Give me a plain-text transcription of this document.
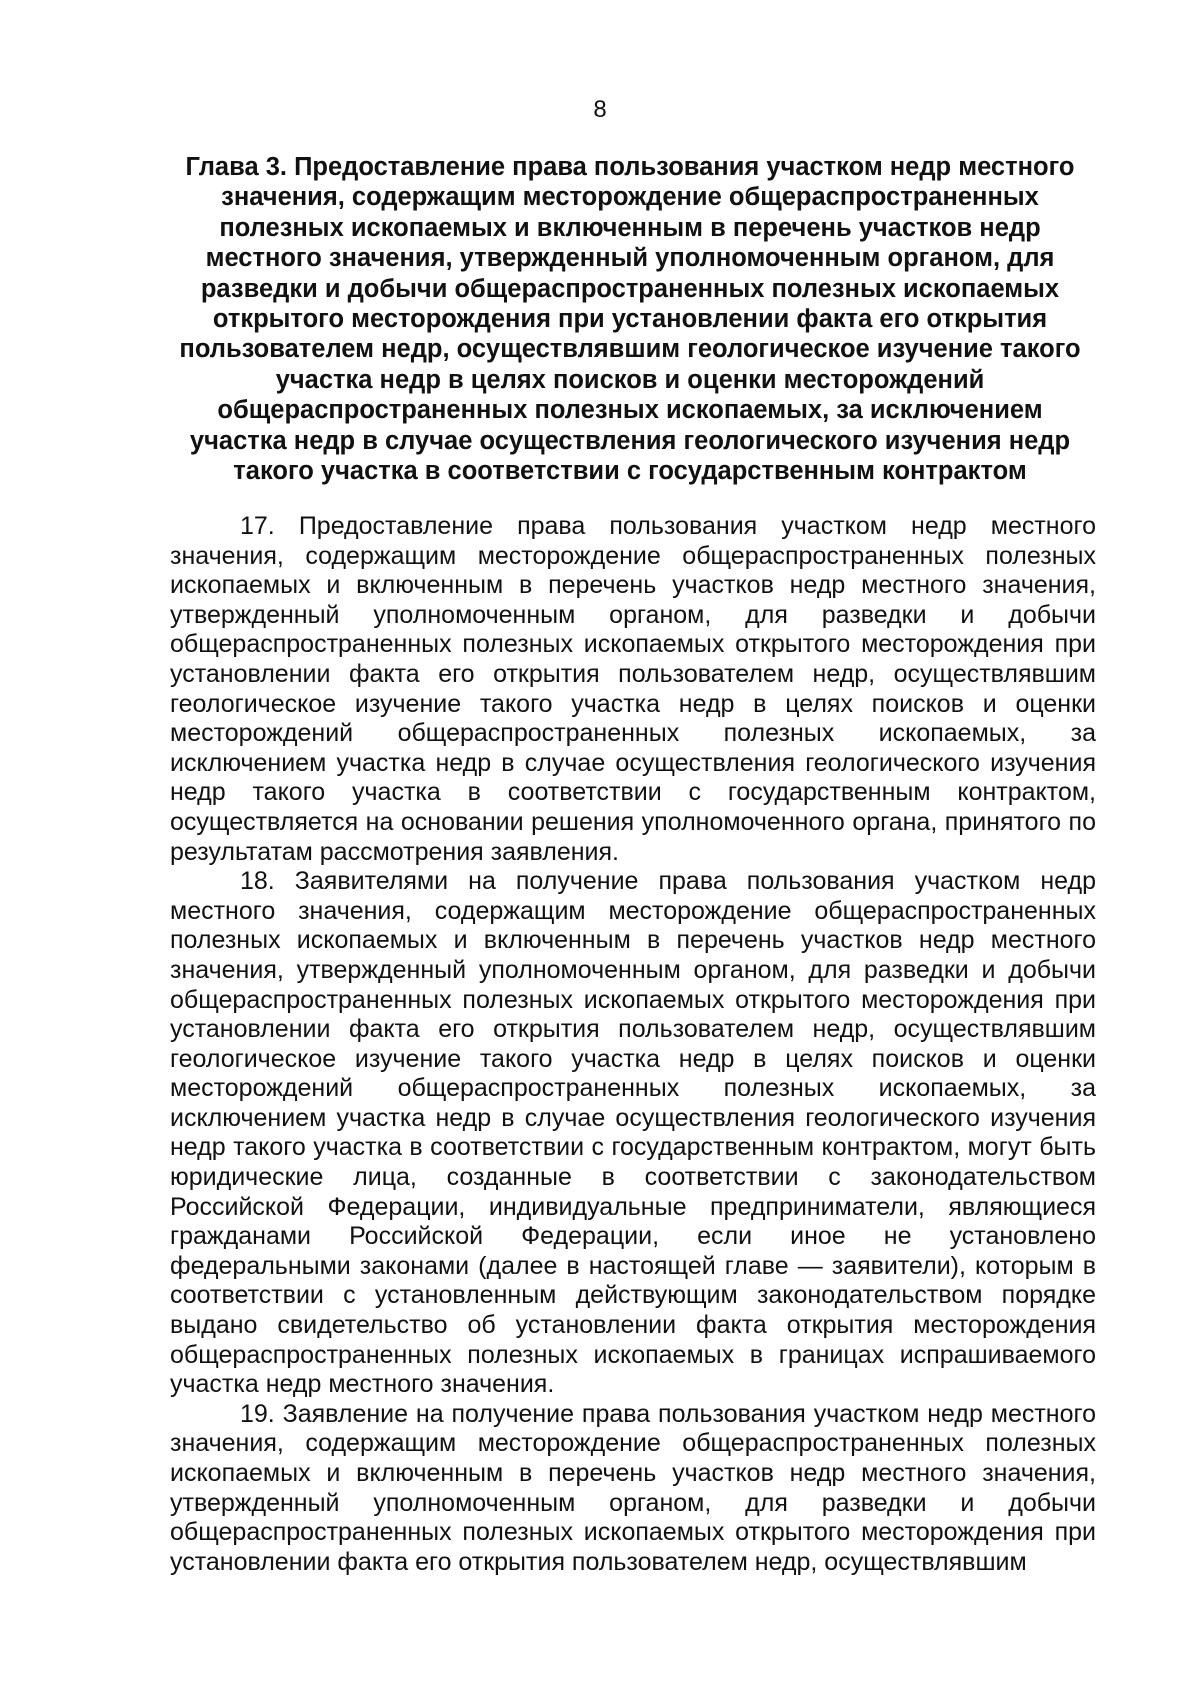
8
Глава 3. Предоставление права пользования участком недр местного значения, содержащим месторождение общераспространенных полезных ископаемых и включенным в перечень участков недр местного значения, утвержденный уполномоченным органом, для разведки и добычи общераспространенных полезных ископаемых открытого месторождения при установлении факта его открытия пользователем недр, осуществлявшим геологическое изучение такого участка недр в целях поисков и оценки месторождений общераспространенных полезных ископаемых, за исключением участка недр в случае осуществления геологического изучения недр такого участка в соответствии с государственным контрактом

17. Предоставление права пользования участком недр местного значения, содержащим месторождение общераспространенных полезных ископаемых и включенным в перечень участков недр местного значения, утвержденный уполномоченным органом, для разведки и добычи общераспространенных полезных ископаемых открытого месторождения при установлении факта его открытия пользователем недр, осуществлявшим геологическое изучение такого участка недр в целях поисков и оценки месторождений общераспространенных полезных ископаемых, за исключением участка недр в случае осуществления геологического изучения недр такого участка в соответствии с государственным контрактом, осуществляется на основании решения уполномоченного органа, принятого по результатам рассмотрения заявления.

18. Заявителями на получение права пользования участком недр местного значения, содержащим месторождение общераспространенных полезных ископаемых и включенным в перечень участков недр местного значения, утвержденный уполномоченным органом, для разведки и добычи общераспространенных полезных ископаемых открытого месторождения при установлении факта его открытия пользователем недр, осуществлявшим геологическое изучение такого участка недр в целях поисков и оценки месторождений общераспространенных полезных ископаемых, за исключением участка недр в случае осуществления геологического изучения недр такого участка в соответствии с государственным контрактом, могут быть юридические лица, созданные в соответствии с законодательством Российской Федерации, индивидуальные предприниматели, являющиеся гражданами Российской Федерации, если иное не установлено федеральными законами (далее в настоящей главе — заявители), которым в соответствии с установленным действующим законодательством порядке выдано свидетельство об установлении факта открытия месторождения общераспространенных полезных ископаемых в границах испрашиваемого участка недр местного значения.

19. Заявление на получение права пользования участком недр местного значения, содержащим месторождение общераспространенных полезных ископаемых и включенным в перечень участков недр местного значения, утвержденный уполномоченным органом, для разведки и добычи общераспространенных полезных ископаемых открытого месторождения при установлении факта его открытия пользователем недр, осуществлявшим
